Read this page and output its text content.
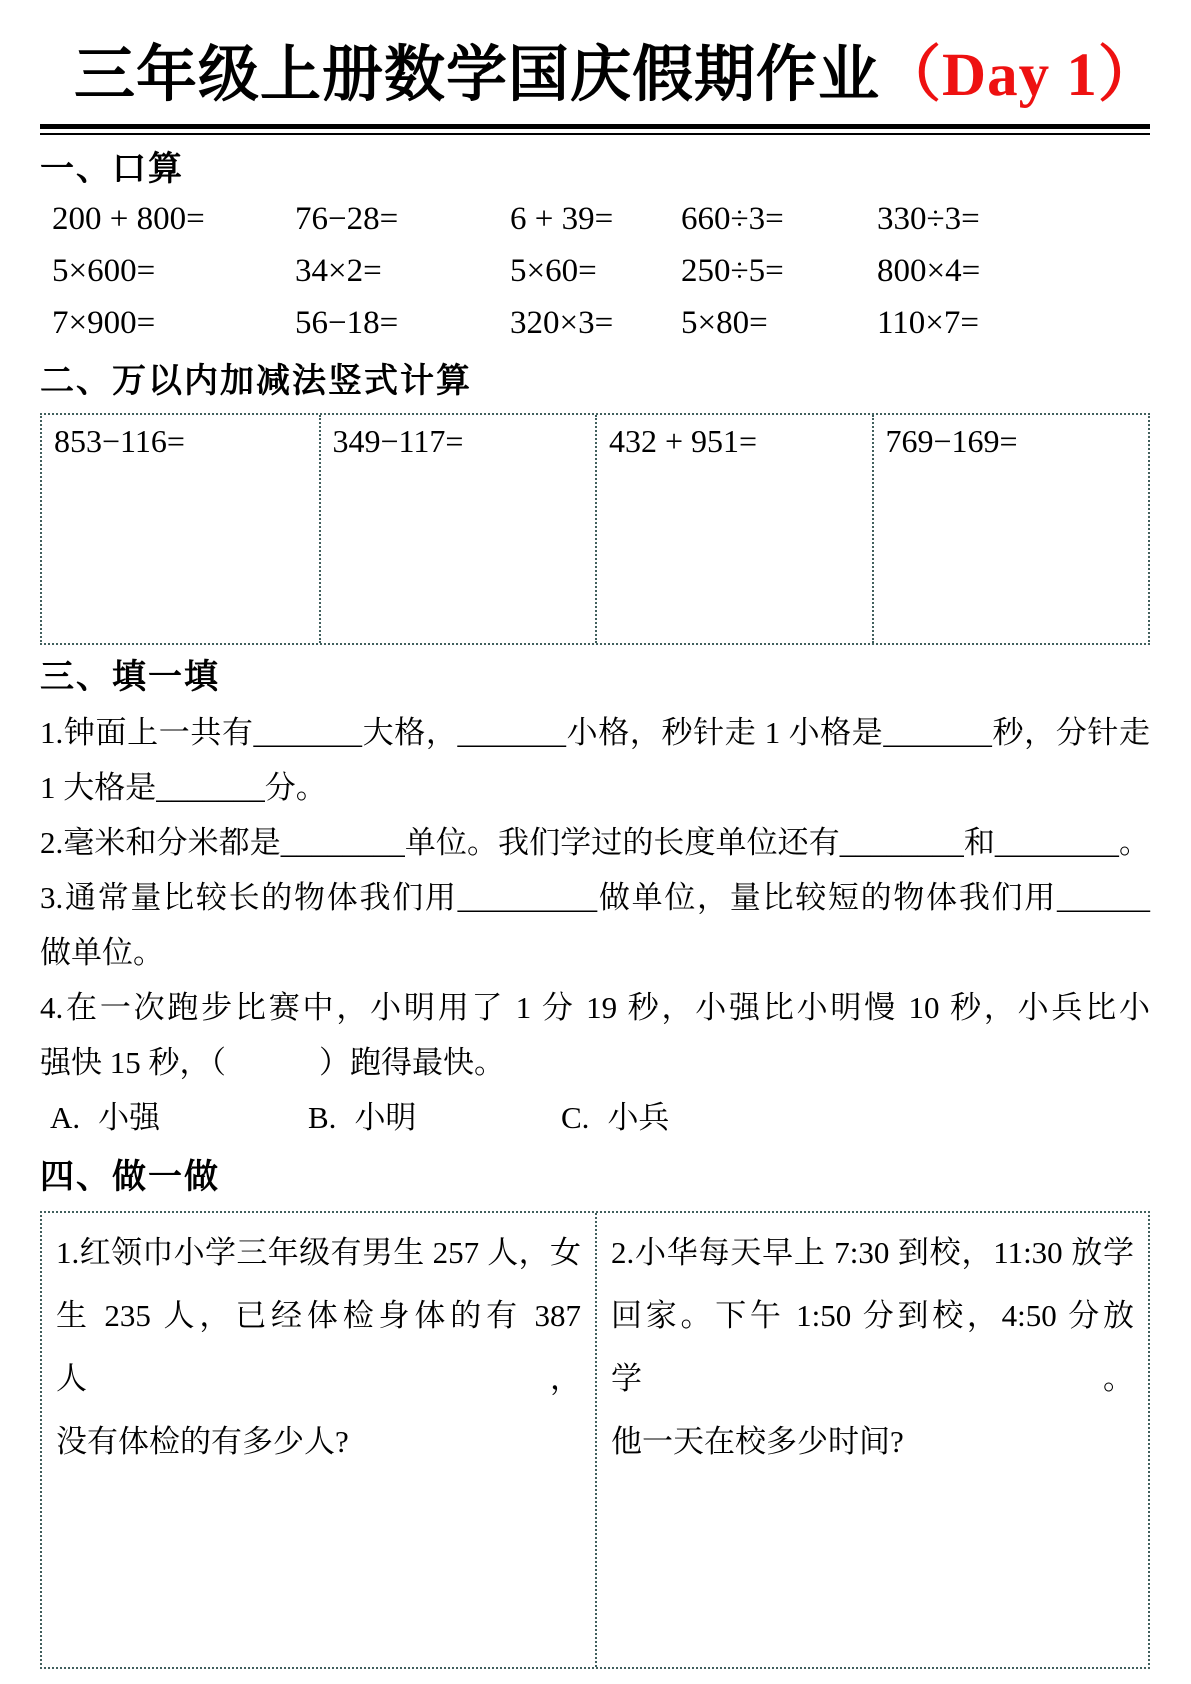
三年级上册数学国庆假期作业（Day 1）
一、口算
200 + 800=	76−28=	6 + 39=	660÷3=	330÷3=
5×600=	34×2=	5×60=	250÷5=	800×4=
7×900=	56−18=	320×3=	5×80=	110×7=
二、万以内加减法竖式计算
853−116=	349−117=	432 + 951=	769−169=
三、填一填
1.钟面上一共有_______大格，_______小格，秒针走 1 小格是_______秒，分针走
1 大格是_______分。
2.毫米和分米都是________单位。我们学过的长度单位还有________和________。
3.通常量比较长的物体我们用_________做单位，量比较短的物体我们用______
做单位。
4.在一次跑步比赛中，小明用了 1 分 19 秒，小强比小明慢 10 秒，小兵比小
强快 15 秒，（　　　）跑得最快。
A. 小强	B. 小明	C. 小兵
四、做一做
1.红领巾小学三年级有男生 257 人，女
生 235 人，已经体检身体的有 387 人，
没有体检的有多少人?
2.小华每天早上 7:30 到校，11:30 放学
回家。下午 1:50 分到校，4:50 分放学。
他一天在校多少时间?
